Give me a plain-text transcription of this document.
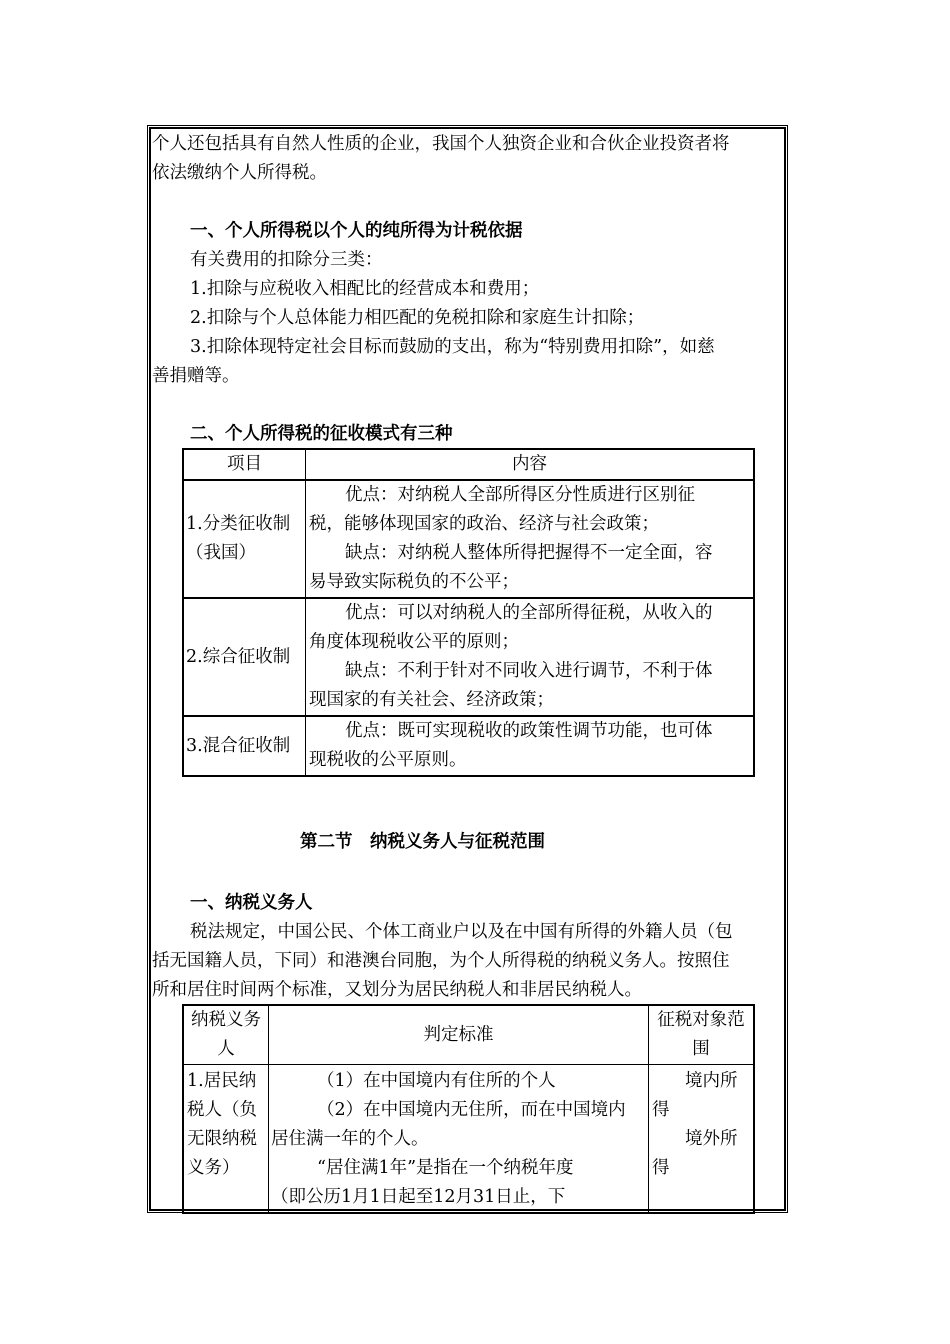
个人还包括具有自然人性质的企业，我国个人独资企业和合伙企业投资者将
依法缴纳个人所得税。
一、个人所得税以个人的纯所得为计税依据
有关费用的扣除分三类：
1.扣除与应税收入相配比的经营成本和费用；
2.扣除与个人总体能力相匹配的免税扣除和家庭生计扣除；
3.扣除体现特定社会目标而鼓励的支出，称为“特别费用扣除”，如慈
善捐赠等。
二、个人所得税的征收模式有三种
项目	内容

1.分类征收制
（我国）	优点：对纳税人全部所得区分性质进行区别征
税，能够体现国家的政治、经济与社会政策；
缺点：对纳税人整体所得把握得不一定全面，容
易导致实际税负的不公平；

2.综合征收制	优点：可以对纳税人的全部所得征税，从收入的
角度体现税收公平的原则；
缺点：不利于针对不同收入进行调节，不利于体
现国家的有关社会、经济政策；

3.混合征收制	优点：既可实现税收的政策性调节功能，也可体
现税收的公平原则。
第二节　纳税义务人与征税范围
一、纳税义务人
税法规定，中国公民、个体工商业户以及在中国有所得的外籍人员（包
括无国籍人员，下同）和港澳台同胞，为个人所得税的纳税义务人。按照住
所和居住时间两个标准，又划分为居民纳税人和非居民纳税人。
纳税义务
人	判定标准	征税对象范
围

1.居民纳
税人（负
无限纳税
义务）	（1）在中国境内有住所的个人
（2）在中国境内无住所，而在中国境内
居住满一年的个人。
“居住满1年”是指在一个纳税年度
（即公历1月1日起至12月31日止，下	境内所
得
境外所
得
